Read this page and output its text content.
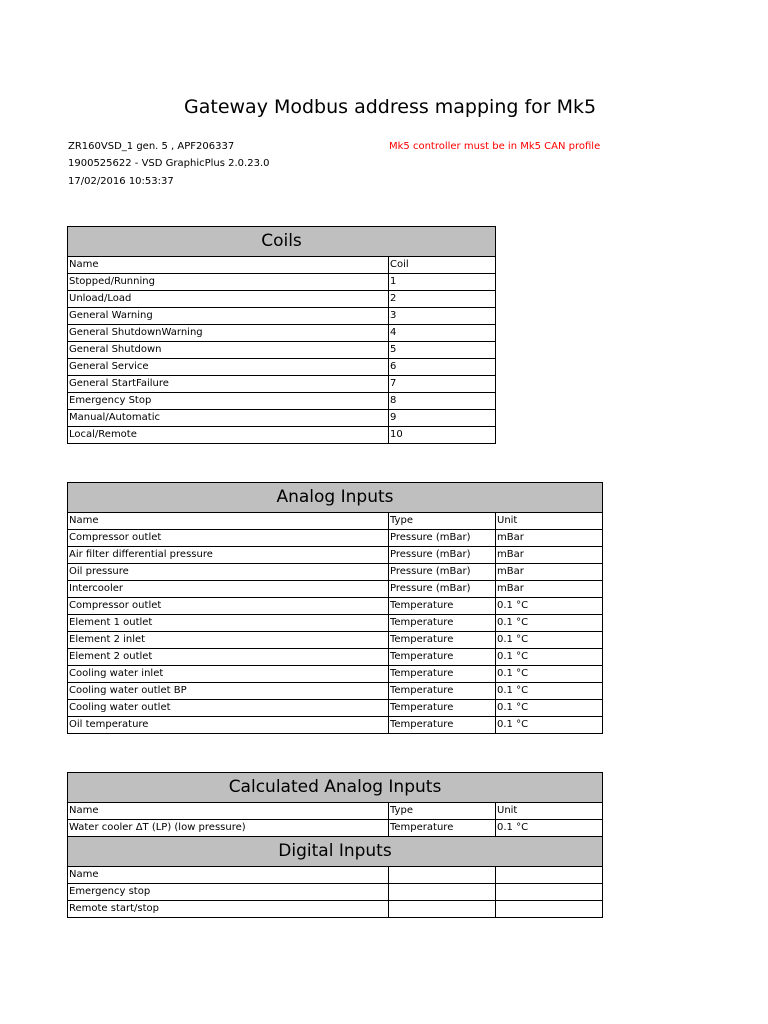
Gateway Modbus address mapping for Mk5
ZR160VSD_1 gen. 5 , APF206337
1900525622 - VSD GraphicPlus 2.0.23.0
17/02/2016 10:53:37
Mk5 controller must be in Mk5 CAN profile
Coils	
Name	Coil
Stopped/Running	1
Unload/Load	2
General Warning	3
General ShutdownWarning	4
General Shutdown	5
General Service	6
General StartFailure	7
Emergency Stop	8
Manual/Automatic	9
Local/Remote	10
Analog Inputs		
Name	Type	Unit
Compressor outlet	Pressure (mBar)	mBar
Air filter differential pressure	Pressure (mBar)	mBar
Oil pressure	Pressure (mBar)	mBar
Intercooler	Pressure (mBar)	mBar
Compressor outlet	Temperature	0.1 °C
Element 1 outlet	Temperature	0.1 °C
Element 2 inlet	Temperature	0.1 °C
Element 2 outlet	Temperature	0.1 °C
Cooling water inlet	Temperature	0.1 °C
Cooling water outlet BP	Temperature	0.1 °C
Cooling water outlet	Temperature	0.1 °C
Oil temperature	Temperature	0.1 °C
Calculated Analog Inputs		
Name	Type	Unit
Water cooler ΔT (LP) (low pressure)	Temperature	0.1 °C
Digital Inputs		
Name		
Emergency stop		
Remote start/stop		
